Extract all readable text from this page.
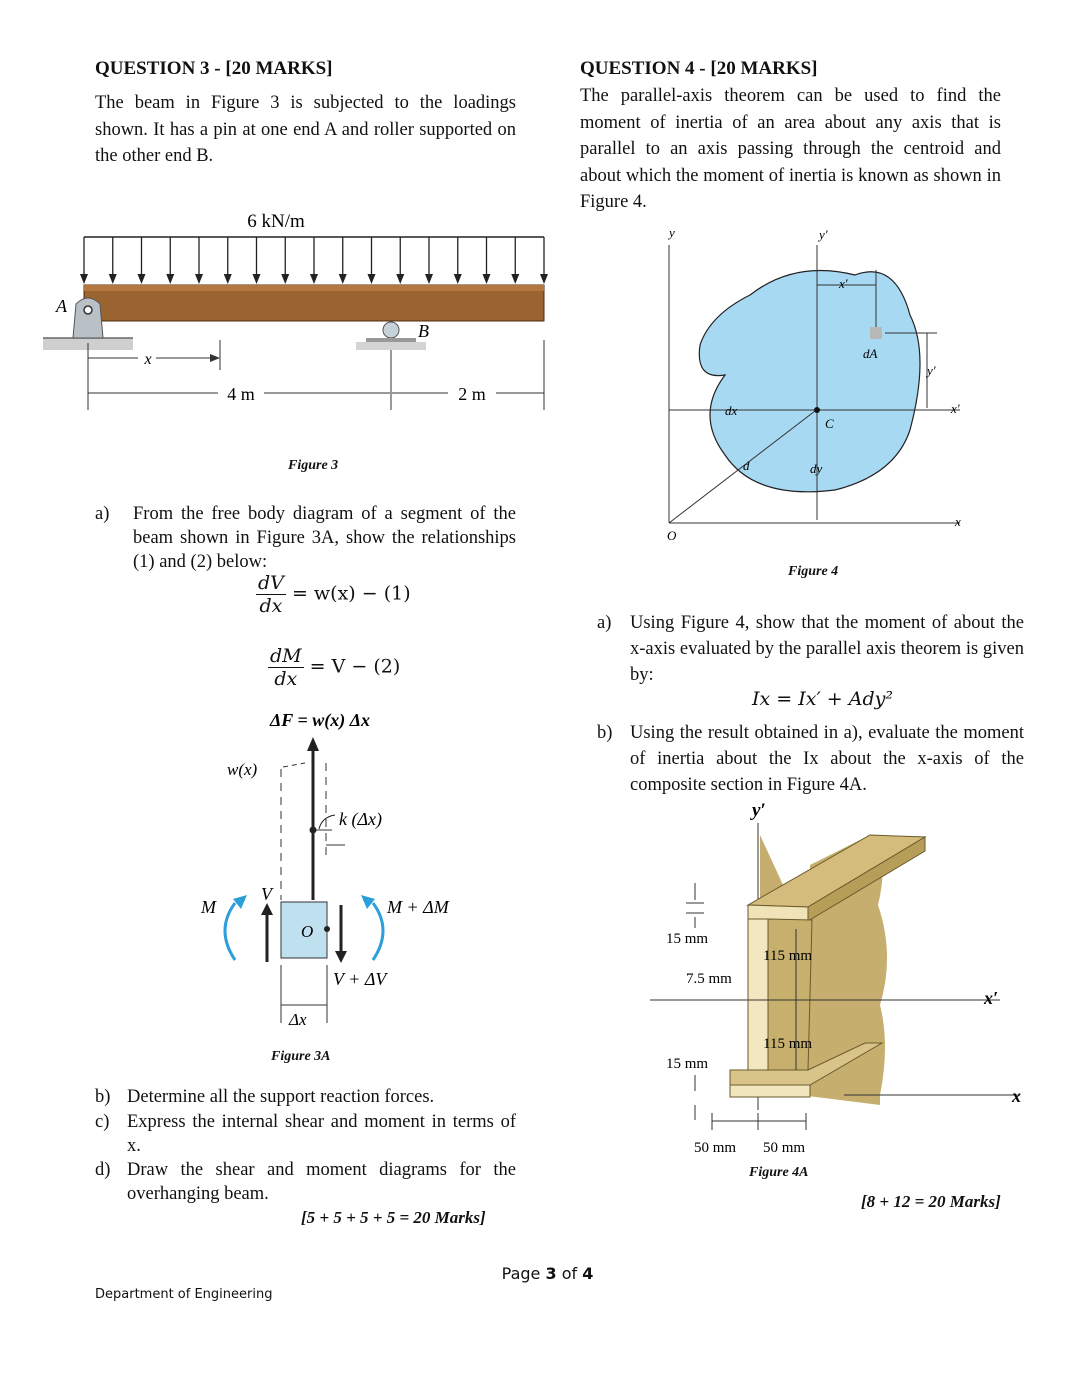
QUESTION 3 - [20 MARKS]
The beam in Figure 3 is subjected to the loadings shown. It has a pin at one end A and roller supported on the other end B.
6 kN/m
A
B
x
4 m	2 m
Figure 3
a) From the free body diagram of a segment of the beam shown in Figure 3A, show the relationships (1) and (2) below:
$\frac{dV}{dx} = w(x) - (1)$
$\frac{dM}{dx} = V - (2)$
ΔF = w(x) Δx
w(x)
k (Δx)
O
V
V + ΔV
M	M + ΔM
Δx
Figure 3A
b) Determine all the support reaction forces.
c) Express the internal shear and moment in terms of x.
d) Draw the shear and moment diagrams for the overhanging beam.
[5 + 5 + 5 + 5 = 20 Marks]
QUESTION 4 - [20 MARKS]
The parallel-axis theorem can be used to find the moment of inertia of an area about any axis that is parallel to an axis passing through the centroid and about which the moment of inertia is known as shown in Figure 4.
y
x
O
y′
x′
C
d
dx
dy
dA
x′
y′
Figure 4
a) Using Figure 4, show that the moment of about the x-axis evaluated by the parallel axis theorem is given by:
Ix = Ix′ + Ady²
b) Using the result obtained in a), evaluate the moment of inertia about the Ix about the x-axis of the composite section in Figure 4A.
y′
x′
x
15 mm
7.5 mm
115 mm
115 mm
15 mm
50 mm 50 mm
Figure 4A
[8 + 12 = 20 Marks]
Page 3 of 4
Department of Engineering
